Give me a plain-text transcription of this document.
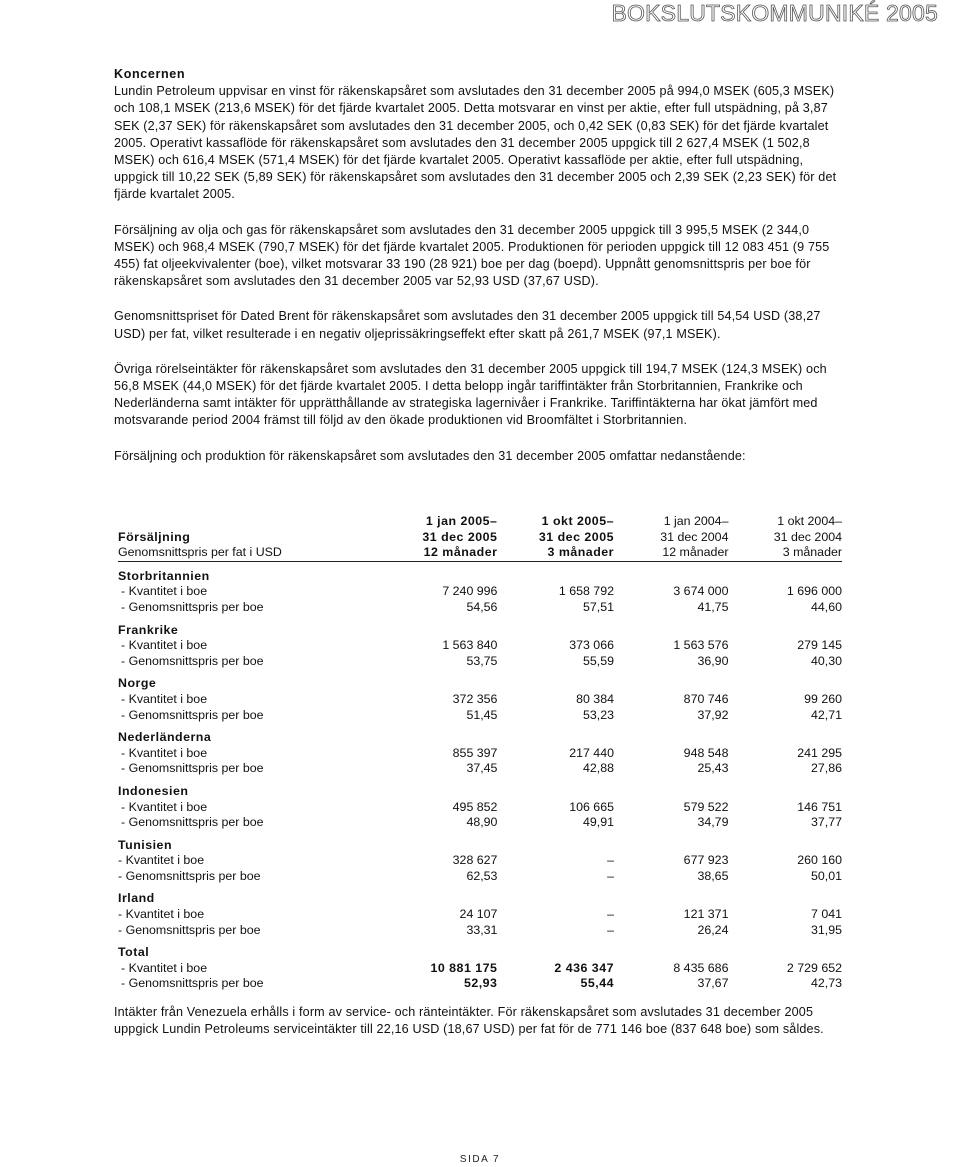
BOKSLUTSKOMMUNIKÉ 2005
Koncernen

Lundin Petroleum uppvisar en vinst för räkenskapsåret som avslutades den 31 december 2005 på 994,0 MSEK (605,3 MSEK) och 108,1 MSEK (213,6 MSEK) för det fjärde kvartalet 2005. Detta motsvarar en vinst per aktie, efter full utspädning, på 3,87 SEK (2,37 SEK) för räkenskapsåret som avslutades den 31 december 2005, och 0,42 SEK (0,83 SEK) för det fjärde kvartalet 2005. Operativt kassaflöde för räkenskapsåret som avslutades den 31 december 2005 uppgick till 2 627,4 MSEK (1 502,8 MSEK) och 616,4 MSEK (571,4 MSEK) för det fjärde kvartalet 2005. Operativt kassaflöde per aktie, efter full utspädning, uppgick till 10,22 SEK (5,89 SEK) för räkenskapsåret som avslutades den 31 december 2005 och 2,39 SEK (2,23 SEK) för det fjärde kvartalet 2005.

Försäljning av olja och gas för räkenskapsåret som avslutades den 31 december 2005 uppgick till 3 995,5 MSEK (2 344,0 MSEK) och 968,4 MSEK (790,7 MSEK) för det fjärde kvartalet 2005. Produktionen för perioden uppgick till 12 083 451 (9 755 455) fat oljeekvivalenter (boe), vilket motsvarar 33 190 (28 921) boe per dag (boepd). Uppnått genomsnittspris per boe för räkenskapsåret som avslutades den 31 december 2005 var 52,93 USD (37,67 USD).

Genomsnittspriset för Dated Brent för räkenskapsåret som avslutades den 31 december 2005 uppgick till 54,54 USD (38,27 USD) per fat, vilket resulterade i en negativ oljeprissäkringseffekt efter skatt på 261,7 MSEK (97,1 MSEK).

Övriga rörelseintäkter för räkenskapsåret som avslutades den 31 december 2005 uppgick till 194,7 MSEK (124,3 MSEK) och 56,8 MSEK (44,0 MSEK) för det fjärde kvartalet 2005. I detta belopp ingår tariffintäkter från Storbritannien, Frankrike och Nederländerna samt intäkter för upprätthållande av strategiska lagernivåer i Frankrike. Tariffintäkterna har ökat jämfört med motsvarande period 2004 främst till följd av den ökade produktionen vid Broomfältet i Storbritannien.

Försäljning och produktion för räkenskapsåret som avslutades den 31 december 2005 omfattar nedanstående:

	1 jan 2005–	1 okt 2005–	1 jan 2004–	1 okt 2004–
Försäljning	31 dec 2005	31 dec 2005	31 dec 2004	31 dec 2004
Genomsnittspris per fat i USD	12 månader	3 månader	12 månader	3 månader

Storbritannien				
- Kvantitet i boe	7 240 996	1 658 792	3 674 000	1 696 000
- Genomsnittspris per boe	54,56	57,51	41,75	44,60

Frankrike				
- Kvantitet i boe	1 563 840	373 066	1 563 576	279 145
- Genomsnittspris per boe	53,75	55,59	36,90	40,30

Norge				
- Kvantitet i boe	372 356	80 384	870 746	99 260
- Genomsnittspris per boe	51,45	53,23	37,92	42,71

Nederländerna				
- Kvantitet i boe	855 397	217 440	948 548	241 295
- Genomsnittspris per boe	37,45	42,88	25,43	27,86

Indonesien				
- Kvantitet i boe	495 852	106 665	579 522	146 751
- Genomsnittspris per boe	48,90	49,91	34,79	37,77

Tunisien				
- Kvantitet i boe	328 627	–	677 923	260 160
- Genomsnittspris per boe	62,53	–	38,65	50,01

Irland				
- Kvantitet i boe	24 107	–	121 371	7 041
- Genomsnittspris per boe	33,31	–	26,24	31,95

Total				
- Kvantitet i boe	10 881 175	2 436 347	8 435 686	2 729 652
- Genomsnittspris per boe	52,93	55,44	37,67	42,73

Intäkter från Venezuela erhålls i form av service- och ränteintäkter. För räkenskapsåret som avslutades 31 december 2005 uppgick Lundin Petroleums serviceintäkter till 22,16 USD (18,67 USD) per fat för de 771 146 boe (837 648 boe) som såldes.

SIDA 7
